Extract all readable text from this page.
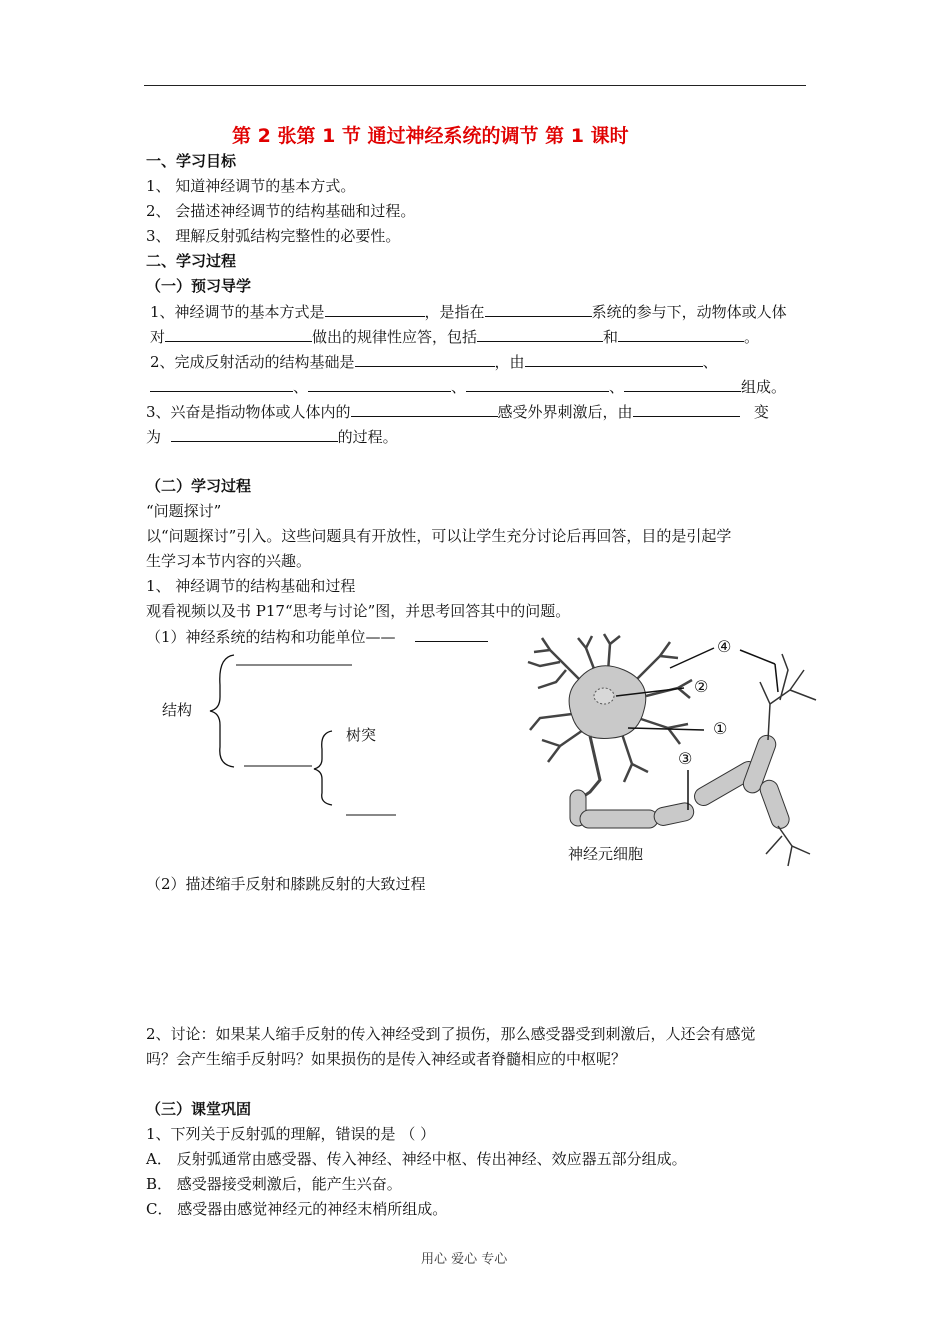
第 2 张第 1 节 通过神经系统的调节 第 1 课时
一、学习目标
1、 知道神经调节的基本方式。
2、 会描述神经调节的结构基础和过程。
3、 理解反射弧结构完整性的必要性。
二、学习过程
（一）预习导学
1、神经调节的基本方式是	，是指在	系统的参与下，动物体或人体
对	做出的规律性应答，包括	和	。
2、完成反射活动的结构基础是	，由	、
、	、	、	组成。
3、兴奋是指动物体或人体内的	感受外界刺激后，由	变
为	的过程。
（二）学习过程
“问题探讨”
以“问题探讨”引入。这些问题具有开放性，可以让学生充分讨论后再回答，目的是引起学
生学习本节内容的兴趣。
1、 神经调节的结构基础和过程
观看视频以及书 P17“思考与讨论”图，并思考回答其中的问题。
（1）神经系统的结构和功能单位——
结构
树突
④
②
①
③
神经元细胞
（2）描述缩手反射和膝跳反射的大致过程
2、讨论：如果某人缩手反射的传入神经受到了损伤，那么感受器受到刺激后，人还会有感觉
吗？会产生缩手反射吗？如果损伤的是传入神经或者脊髓相应的中枢呢？
（三）课堂巩固
1、下列关于反射弧的理解，错误的是 （ ）
A． 反射弧通常由感受器、传入神经、神经中枢、传出神经、效应器五部分组成。
B． 感受器接受刺激后，能产生兴奋。
C． 感受器由感觉神经元的神经末梢所组成。
用心 爱心 专心
